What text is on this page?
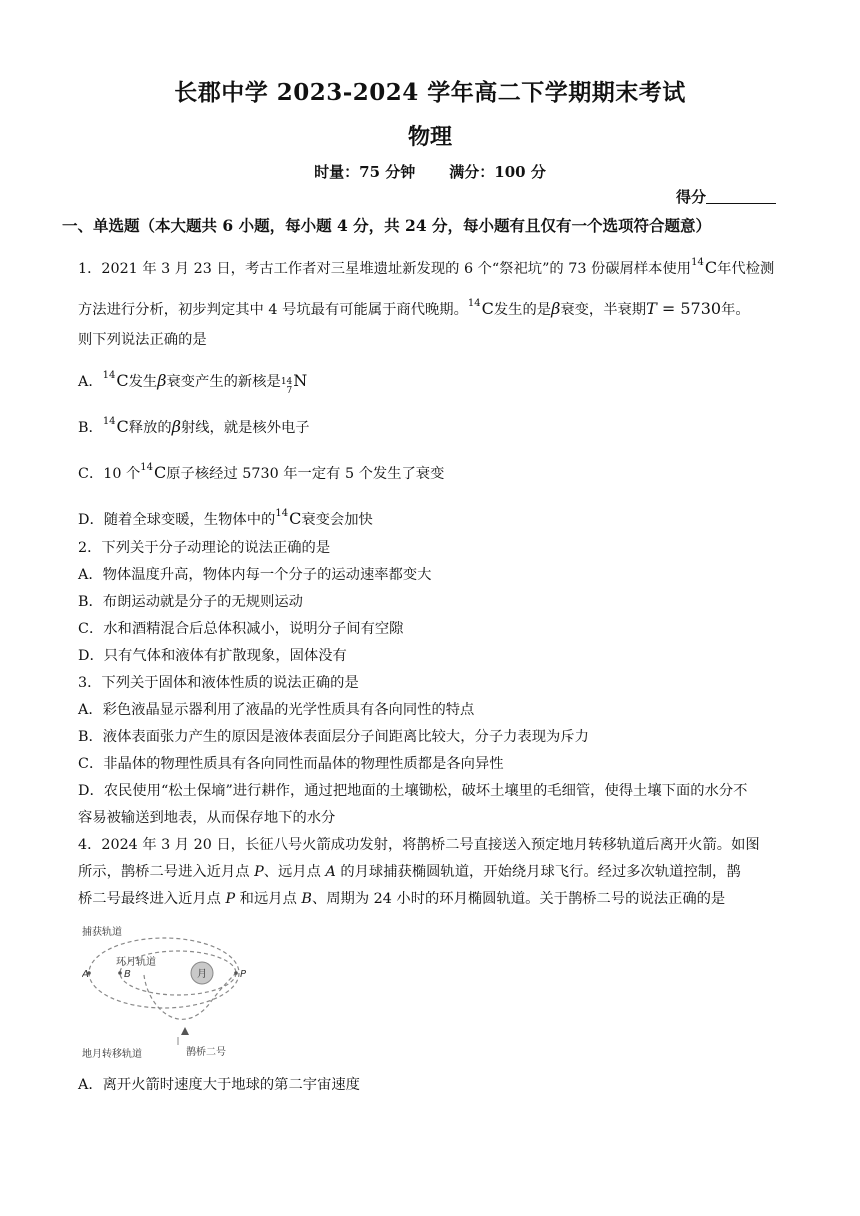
长郡中学 2023-2024 学年高二下学期期末考试
物理
时量：75 分钟 满分：100 分
得分
一、单选题（本大题共 6 小题，每小题 4 分，共 24 分，每小题有且仅有一个选项符合题意）
1．2021 年 3 月 23 日，考古工作者对三星堆遗址新发现的 6 个“祭祀坑”的 73 份碳屑样本使用$^{14}$C年代检测
方法进行分析，初步判定其中 4 号坑最有可能属于商代晚期。$^{14}$C发生的是β衰变，半衰期T = 5730年。
则下列说法正确的是
A．$^{14}$C发生β衰变产生的新核是 14
7
N
B．$^{14}$C释放的β射线，就是核外电子
C．10 个$^{14}$C原子核经过 5730 年一定有 5 个发生了衰变
D．随着全球变暖，生物体中的$^{14}$C衰变会加快
2．下列关于分子动理论的说法正确的是
A．物体温度升高，物体内每一个分子的运动速率都变大
B．布朗运动就是分子的无规则运动
C．水和酒精混合后总体积减小，说明分子间有空隙
D．只有气体和液体有扩散现象，固体没有
3．下列关于固体和液体性质的说法正确的是
A．彩色液晶显示器利用了液晶的光学性质具有各向同性的特点
B．液体表面张力产生的原因是液体表面层分子间距离比较大，分子力表现为斥力
C．非晶体的物理性质具有各向同性而晶体的物理性质都是各向异性
D．农民使用“松土保墒”进行耕作，通过把地面的土壤锄松，破坏土壤里的毛细管，使得土壤下面的水分不
容易被输送到地表，从而保存地下的水分
4．2024 年 3 月 20 日，长征八号火箭成功发射，将鹊桥二号直接送入预定地月转移轨道后离开火箭。如图
所示，鹊桥二号进入近月点 P、远月点 A 的月球捕获椭圆轨道，开始绕月球飞行。经过多次轨道控制，鹊
桥二号最终进入近月点 P 和远月点 B、周期为 24 小时的环月椭圆轨道。关于鹊桥二号的说法正确的是
月
A	B	P
捕获轨道
环月轨道
地月转移轨道	鹊桥二号
A．离开火箭时速度大于地球的第二宇宙速度
